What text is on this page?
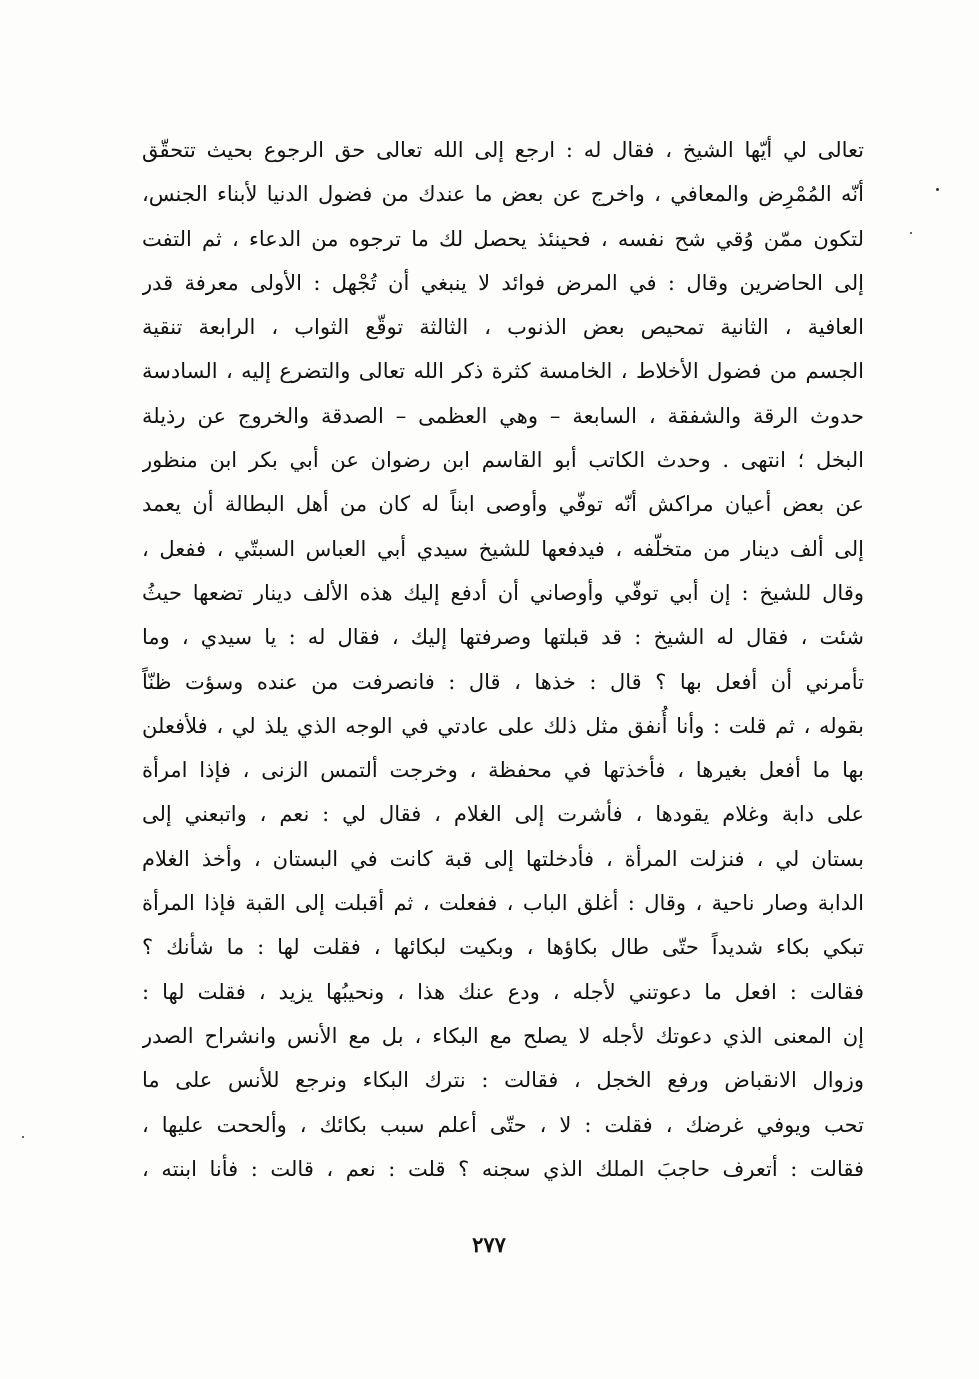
تعالى لي أيّها الشيخ ، فقال له : ارجع إلى الله تعالى حق الرجوع بحيث تتحقّق
أنّه المُمْرِض والمعافي ، واخرج عن بعض ما عندك من فضول الدنيا لأبناء الجنس،
لتكون ممّن وُقي شح نفسه ، فحينئذ يحصل لك ما ترجوه من الدعاء ، ثم التفت
إلى الحاضرين وقال : في المرض فوائد لا ينبغي أن تُجْهل : الأولى معرفة قدر
العافية ، الثانية تمحيص بعض الذنوب ، الثالثة توقّع الثواب ، الرابعة تنقية
الجسم من فضول الأخلاط ، الخامسة كثرة ذكر الله تعالى والتضرع إليه ، السادسة
حدوث الرقة والشفقة ، السابعة – وهي العظمى – الصدقة والخروج عن رذيلة
البخل ؛ انتهى . وحدث الكاتب أبو القاسم ابن رضوان عن أبي بكر ابن منظور
عن بعض أعيان مراكش أنّه توفّي وأوصى ابناً له كان من أهل البطالة أن يعمد
إلى ألف دينار من متخلّفه ، فيدفعها للشيخ سيدي أبي العباس السبتّي ، ففعل ،
وقال للشيخ : إن أبي توفّي وأوصاني أن أدفع إليك هذه الألف دينار تضعها حيثُ
شئت ، فقال له الشيخ : قد قبلتها وصرفتها إليك ، فقال له : يا سيدي ، وما
تأمرني أن أفعل بها ؟ قال : خذها ، قال : فانصرفت من عنده وسؤت ظنّاً
بقوله ، ثم قلت : وأنا أُنفق مثل ذلك على عادتي في الوجه الذي يلذ لي ، فلأفعلن
بها ما أفعل بغيرها ، فأخذتها في محفظة ، وخرجت ألتمس الزنى ، فإذا امرأة
على دابة وغلام يقودها ، فأشرت إلى الغلام ، فقال لي : نعم ، واتبعني إلى
بستان لي ، فنزلت المرأة ، فأدخلتها إلى قبة كانت في البستان ، وأخذ الغلام
الدابة وصار ناحية ، وقال : أغلق الباب ، ففعلت ، ثم أقبلت إلى القبة فإذا المرأة
تبكي بكاء شديداً حتّى طال بكاؤها ، وبكيت لبكائها ، فقلت لها : ما شأنك ؟
فقالت : افعل ما دعوتني لأجله ، ودع عنك هذا ، ونحيبُها يزيد ، فقلت لها :
إن المعنى الذي دعوتك لأجله لا يصلح مع البكاء ، بل مع الأنس وانشراح الصدر
وزوال الانقباض ورفع الخجل ، فقالت : نترك البكاء ونرجع للأنس على ما
تحب ويوفي غرضك ، فقلت : لا ، حتّى أعلم سبب بكائك ، وألححت عليها ،
فقالت : أتعرف حاجبَ الملك الذي سجنه ؟ قلت : نعم ، قالت : فأنا ابنته ،
٢٧٧
